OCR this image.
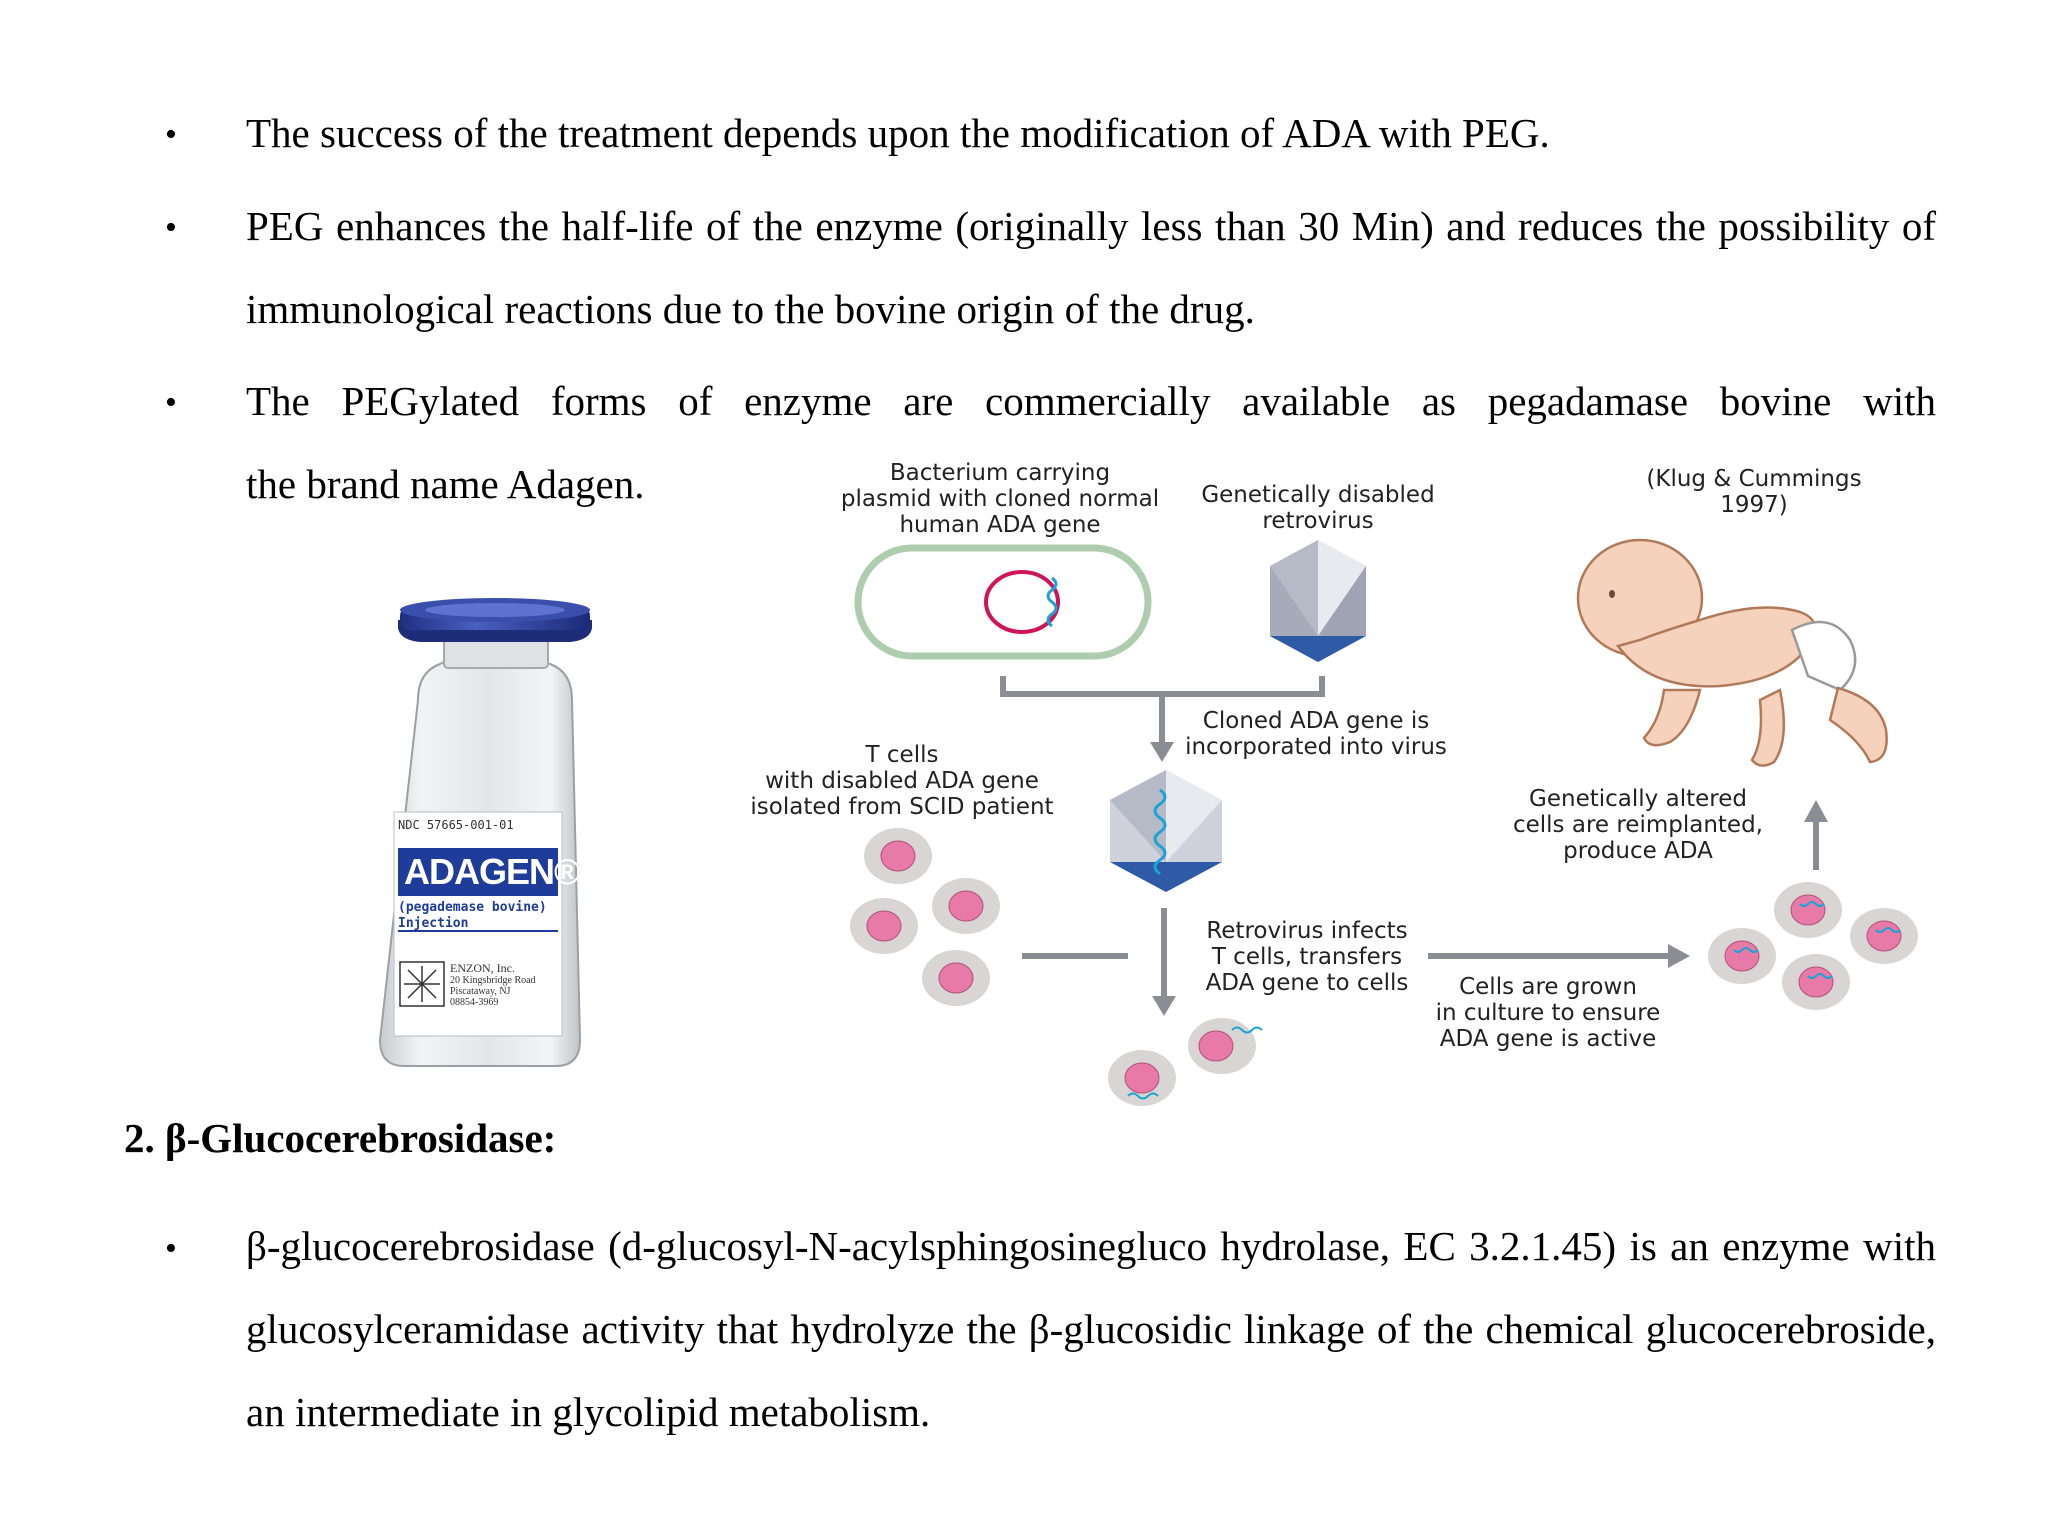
• The success of the treatment depends upon the modification of ADA with PEG.
• PEG enhances the half-life of the enzyme (originally less than 30 Min) and reduces the possibility of immunological reactions due to the bovine origin of the drug.
• The PEGylated forms of enzyme are commercially available as pegadamase bovine with
the brand name Adagen.
NDC 57665-001-01
ADAGEN®
(pegademase bovine)
Injection
ENZON, Inc.
20 Kingsbridge Road
Piscataway, NJ
08854-3969
(Klug & Cummings 1997)
Bacterium carrying
plasmid with cloned normal
human ADA gene
Genetically disabled
retrovirus
Cloned ADA gene is
incorporated into virus
T cells
with disabled ADA gene
isolated from SCID patient
Retrovirus infects
T cells, transfers
ADA gene to cells	Cells are grown
in culture to ensure
ADA gene is active
Genetically altered
cells are reimplanted,
produce ADA
2. β-Glucocerebrosidase:
• β-glucocerebrosidase (d-glucosyl-N-acylsphingosinegluco hydrolase, EC 3.2.1.45) is an enzyme with glucosylceramidase activity that hydrolyze the β-glucosidic linkage of the chemical glucocerebroside, an intermediate in glycolipid metabolism.
